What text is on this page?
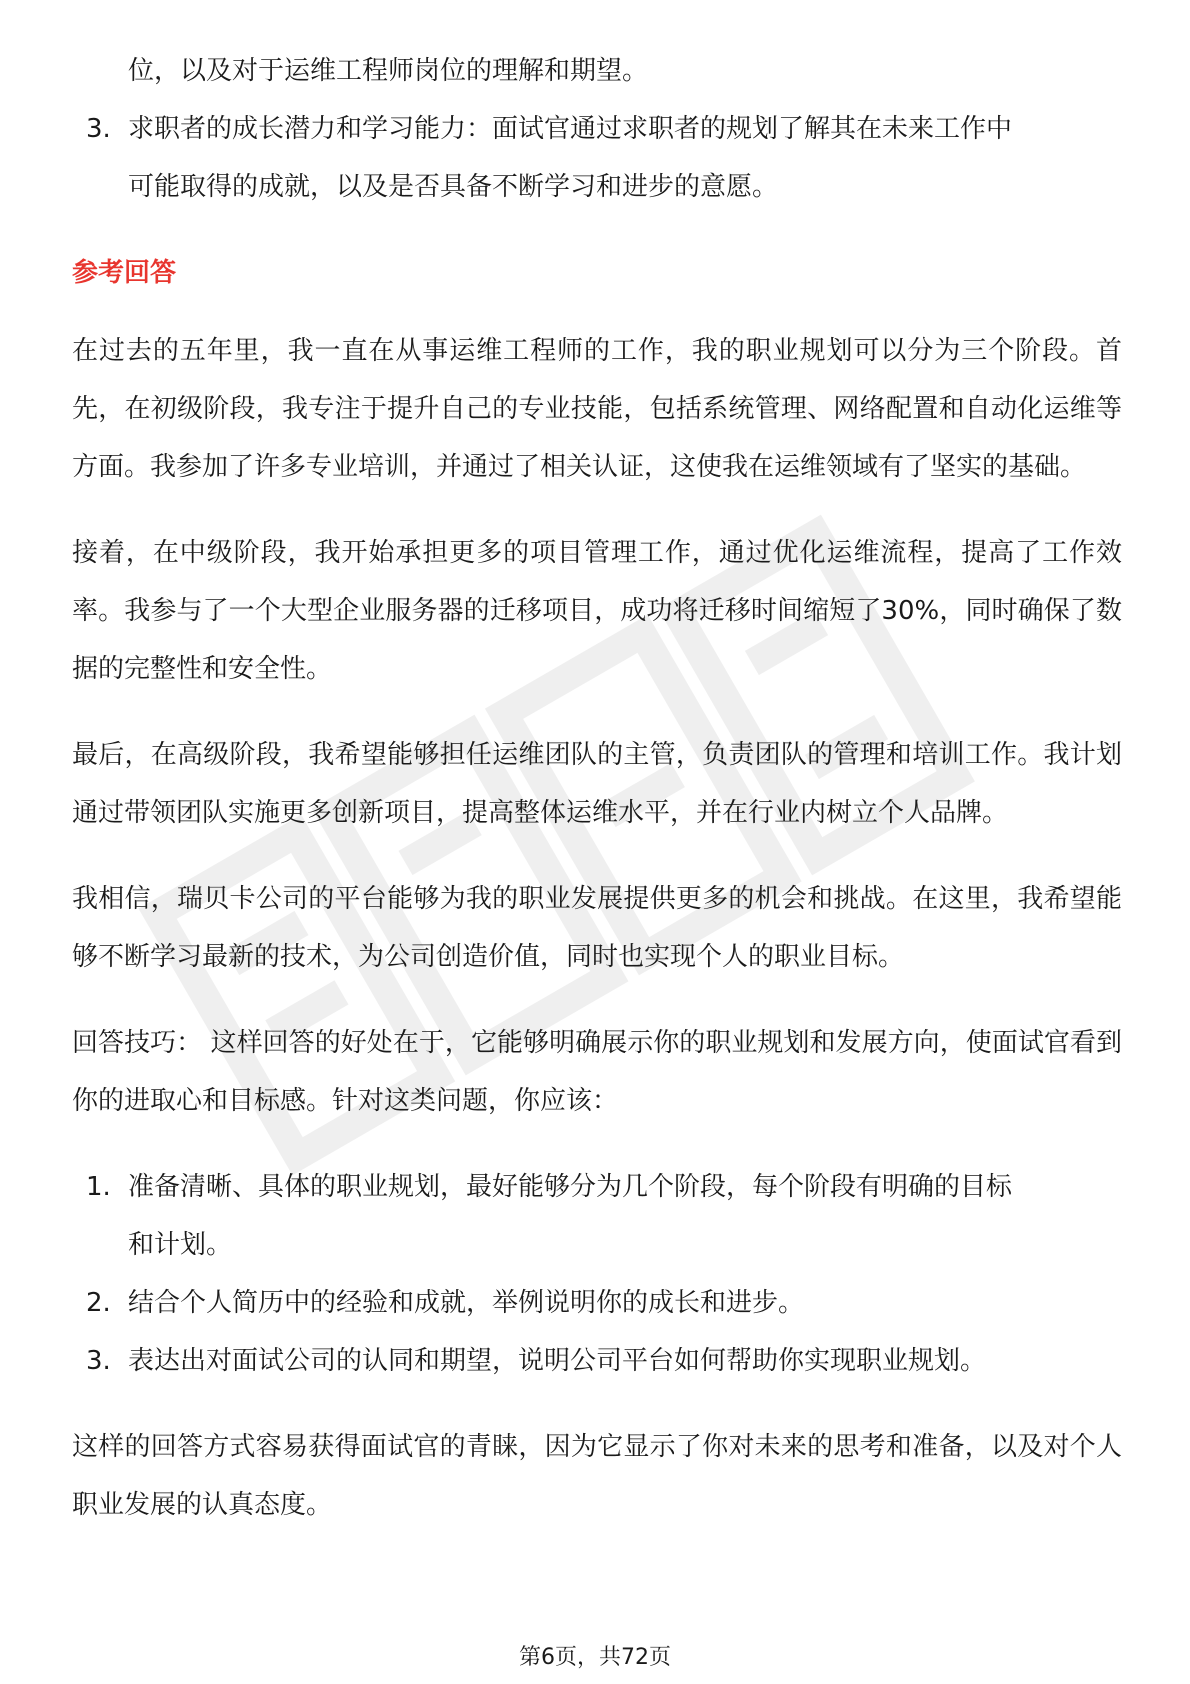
位，以及对于运维工程师岗位的理解和期望。
3. 求职者的成长潜力和学习能力：面试官通过求职者的规划了解其在未来工作中
可能取得的成就，以及是否具备不断学习和进步的意愿。
参考回答

在过去的五年里，我一直在从事运维工程师的工作，我的职业规划可以分为三个阶段。首先，在初级阶段，我专注于提升自己的专业技能，包括系统管理、网络配置和自动化运维等方面。我参加了许多专业培训，并通过了相关认证，这使我在运维领域有了坚实的基础。

接着，在中级阶段，我开始承担更多的项目管理工作，通过优化运维流程，提高了工作效率。我参与了一个大型企业服务器的迁移项目，成功将迁移时间缩短了30%，同时确保了数据的完整性和安全性。

最后，在高级阶段，我希望能够担任运维团队的主管，负责团队的管理和培训工作。我计划通过带领团队实施更多创新项目，提高整体运维水平，并在行业内树立个人品牌。

我相信，瑞贝卡公司的平台能够为我的职业发展提供更多的机会和挑战。在这里，我希望能够不断学习最新的技术，为公司创造价值，同时也实现个人的职业目标。

回答技巧： 这样回答的好处在于，它能够明确展示你的职业规划和发展方向，使面试官看到你的进取心和目标感。针对这类问题，你应该：

1. 准备清晰、具体的职业规划，最好能够分为几个阶段，每个阶段有明确的目标
和计划。
2. 结合个人简历中的经验和成就，举例说明你的成长和进步。
3. 表达出对面试公司的认同和期望，说明公司平台如何帮助你实现职业规划。

这样的回答方式容易获得面试官的青睐，因为它显示了你对未来的思考和准备，以及对个人职业发展的认真态度。

第6页，共72页
